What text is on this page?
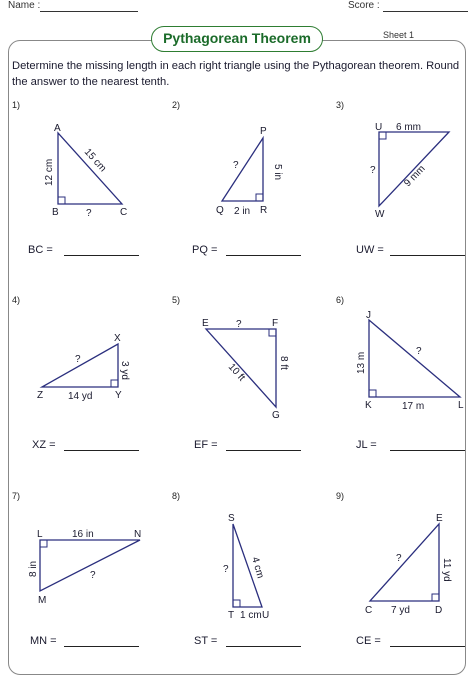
Name :	Score :
Pythagorean Theorem	Sheet 1
Determine the missing length in each right triangle using the Pythagorean theorem. Round the answer to the nearest tenth.
1)
A
B	C
12 cm	15 cm
?
BC =
2)
P
Q	R
?	5 in
2 in
PQ =
3)
U
W
6 mm
9 mm
?
UW =
4)
X
Z	Y
?
3 yd
14 yd
XZ =
5)
E	F
G
?
8 ft
10 ft
EF =
6)
J
K	L
?
13 m
17 m
JL =
7)
L	N
M
16 in
8 in	?
MN =
8)
S
T	U
? 4 cm
1 cm
ST =
9)
E
C	D
?	11 yd
7 yd
CE =
